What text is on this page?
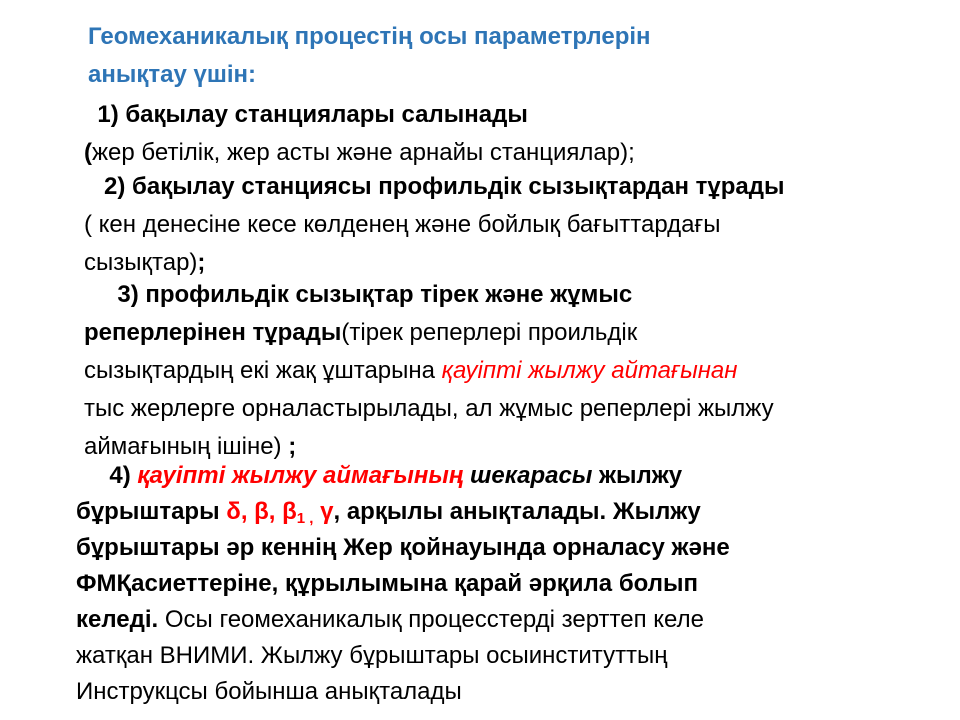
Геомеханикалық процестің осы параметрлерін
анықтау үшін:
1) бақылау станциялары салынады
(жер бетілік, жер асты және арнайы станциялар);
2) бақылау станциясы профильдік сызықтардан тұрады
( кен денесіне кесе көлденең және бойлық бағыттардағы
сызықтар);
3) профильдік сызықтар тірек және жұмыс
реперлерінен тұрады(тірек реперлері проильдік
сызықтардың екі жақ ұштарына қауіпті жылжу айтағынан
тыс жерлерге орналастырылады, ал жұмыс реперлері жылжу
аймағының ішіне) ;
4) қауіпті жылжу аймағының шекарасы жылжу
бұрыштары δ, β, $\beta_{1 ,}$ γ, арқылы анықталады. Жылжу
бұрыштары әр кеннің Жер қойнауында орналасу және
ФМҚасиеттеріне, құрылымына қарай әрқила болып
келеді. Осы геомеханикалық процесстерді зерттеп келе
жатқан ВНИМИ. Жылжу бұрыштары осыинституттың
Инструкцсы бойынша анықталады
